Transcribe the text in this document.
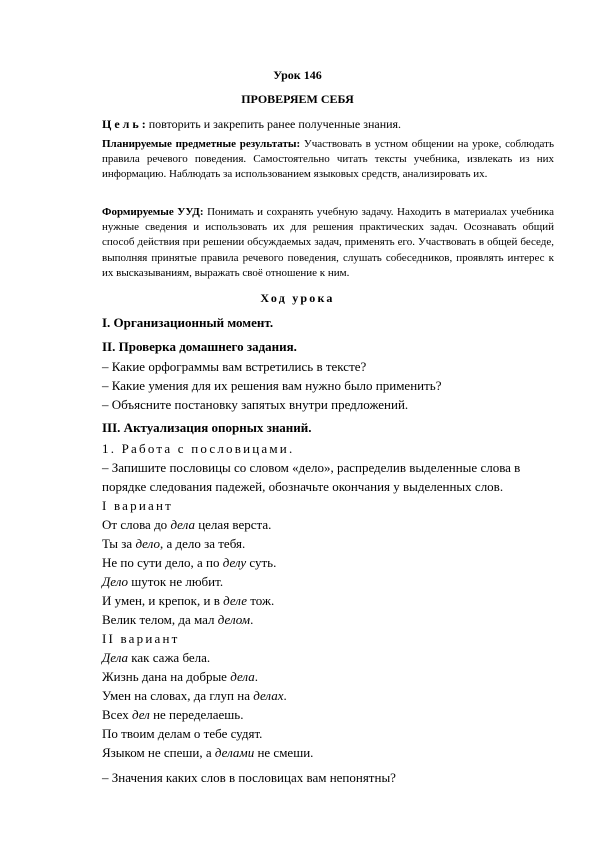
Урок 146
ПРОВЕРЯЕМ СЕБЯ
Ц е л ь : повторить и закрепить ранее полученные знания.
Планируемые предметные результаты: Участвовать в устном общении на уроке, соблюдать правила речевого поведения. Самостоятельно читать тексты учебника, извлекать из них информацию. Наблюдать за использованием языковых средств, анализировать их.
Формируемые УУД: Понимать и сохранять учебную задачу. Находить в материалах учебника нужные сведения и использовать их для решения практических задач. Осознавать общий способ действия при решении обсуждаемых задач, применять его. Участвовать в общей беседе, выполняя принятые правила речевого поведения, слушать собеседников, проявлять интерес к их высказываниям, выражать своё отношение к ним.
Ход урока
I. Организационный момент.
II. Проверка домашнего задания.
– Какие орфограммы вам встретились в тексте?
– Какие умения для их решения вам нужно было применить?
– Объясните постановку запятых внутри предложений.
III. Актуализация опорных знаний.
1. Работа с пословицами.
– Запишите пословицы со словом «дело», распределив выделенные слова в
порядке следования падежей, обозначьте окончания у выделенных слов.
I вариант
От слова до дела целая верста.
Ты за дело, а дело за тебя.
Не по сути дело, а по делу суть.
Дело шуток не любит.
И умен, и крепок, и в деле тож.
Велик телом, да мал делом.
II вариант
Дела как сажа бела.
Жизнь дана на добрые дела.
Умен на словах, да глуп на делах.
Всех дел не переделаешь.
По твоим делам о тебе судят.
Языком не спеши, а делами не смеши.
– Значения каких слов в пословицах вам непонятны?
